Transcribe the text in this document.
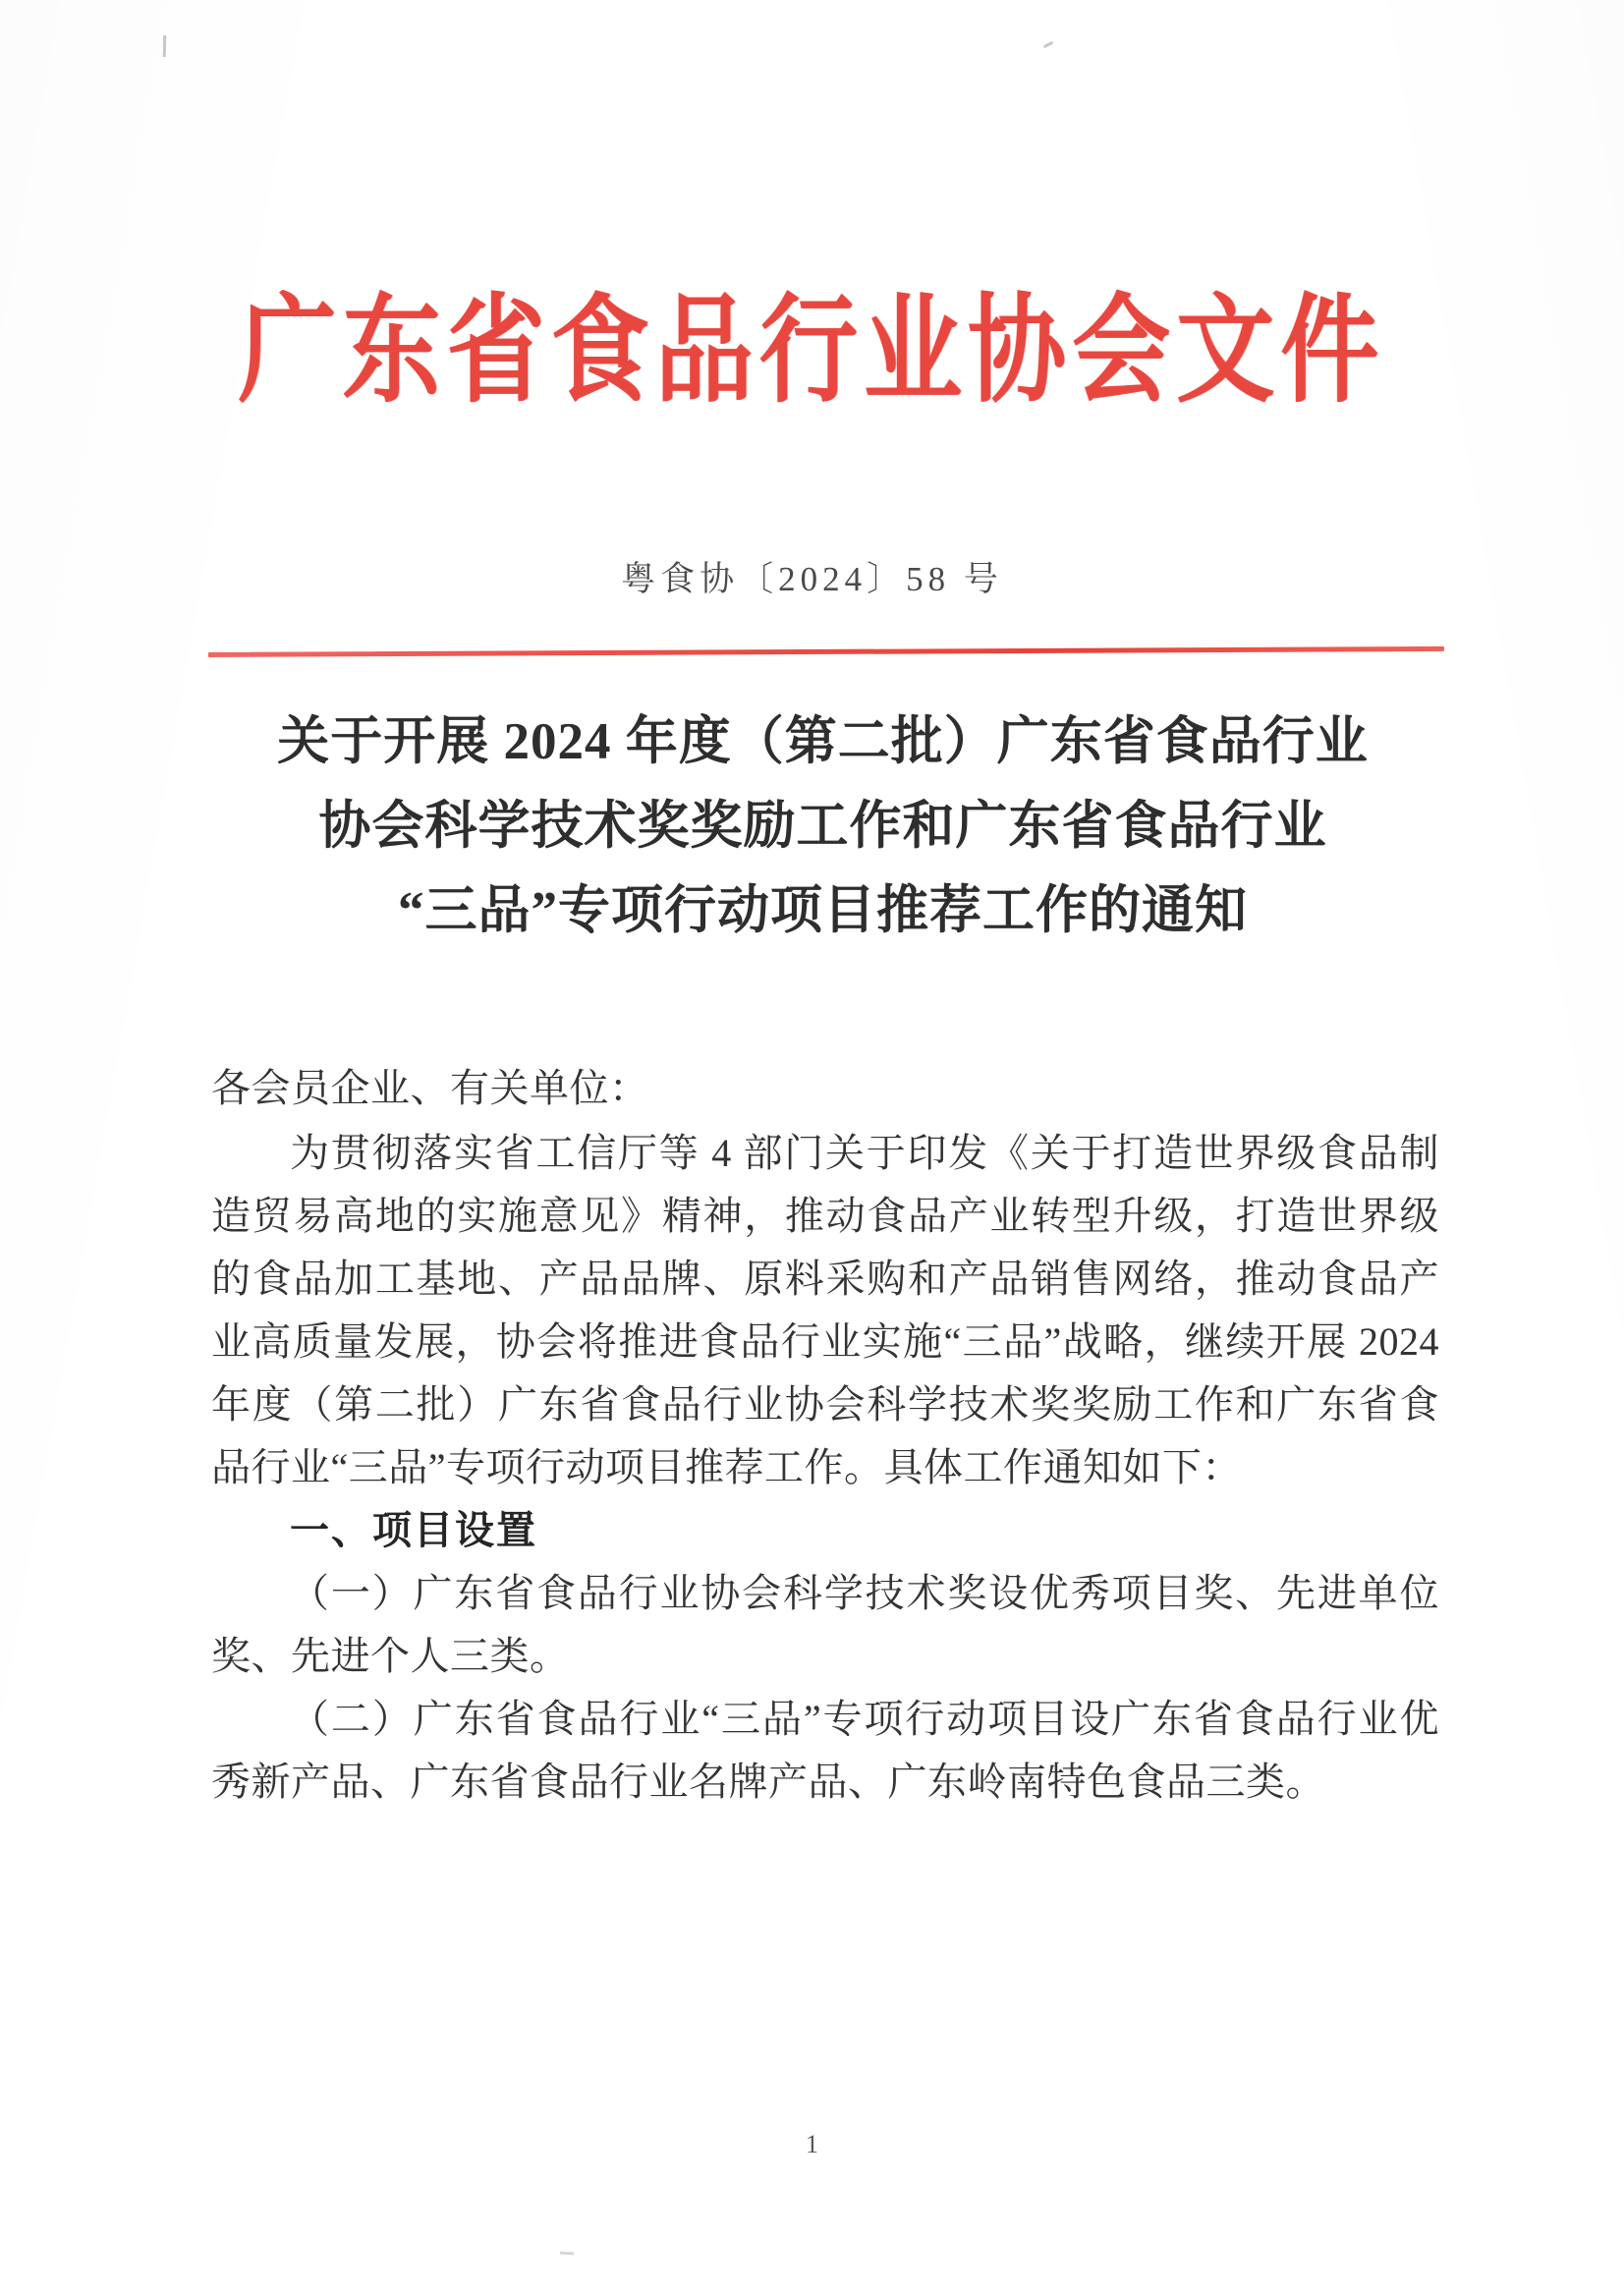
广东省食品行业协会文件
粤食协〔2024〕58 号
关于开展 2024 年度（第二批）广东省食品行业
协会科学技术奖奖励工作和广东省食品行业
“三品”专项行动项目推荐工作的通知

各会员企业、有关单位：

为贯彻落实省工信厅等 4 部门关于印发《关于打造世界级食品制造贸易高地的实施意见》精神，推动食品产业转型升级，打造世界级的食品加工基地、产品品牌、原料采购和产品销售网络，推动食品产业高质量发展，协会将推进食品行业实施“三品”战略，继续开展 2024 年度（第二批）广东省食品行业协会科学技术奖奖励工作和广东省食品行业“三品”专项行动项目推荐工作。具体工作通知如下：

一、项目设置

（一）广东省食品行业协会科学技术奖设优秀项目奖、先进单位奖、先进个人三类。

（二）广东省食品行业“三品”专项行动项目设广东省食品行业优秀新产品、广东省食品行业名牌产品、广东岭南特色食品三类。

1
